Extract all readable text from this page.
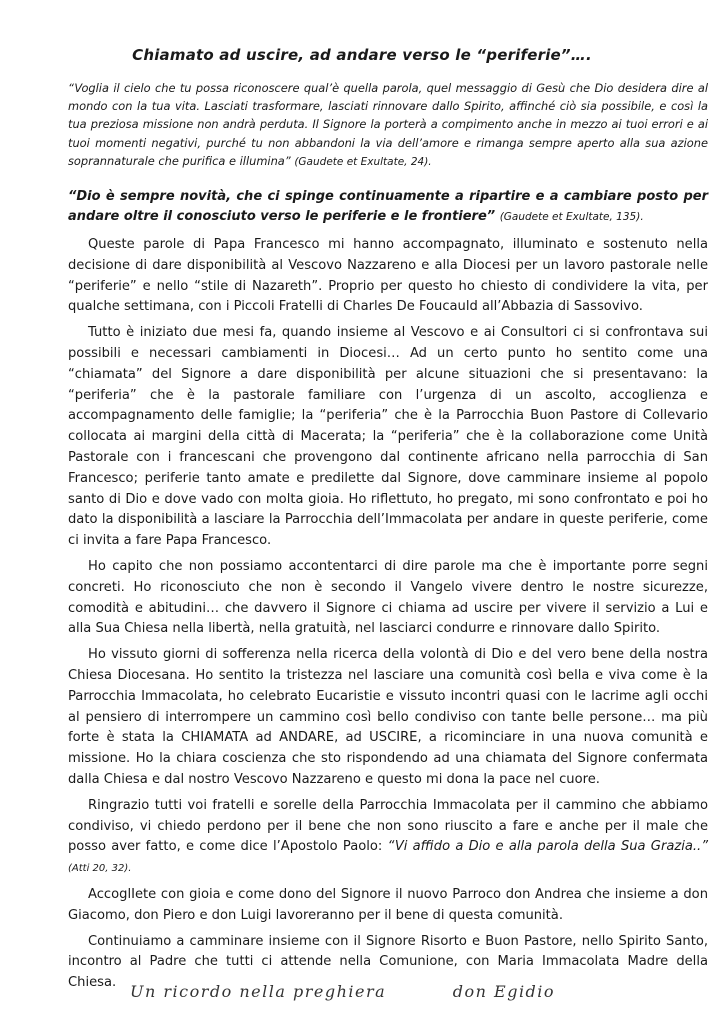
Chiamato ad uscire, ad andare verso le “periferie”….
“Voglia il cielo che tu possa riconoscere qual’è quella parola, quel messaggio di Gesù che Dio desidera dire al mondo con la tua vita. Lasciati trasformare, lasciati rinnovare dallo Spirito, affinché ciò sia possibile, e così la tua preziosa missione non andrà perduta. Il Signore la porterà a compimento anche in mezzo ai tuoi errori e ai tuoi momenti negativi, purché tu non abbandoni la via dell’amore e rimanga sempre aperto alla sua azione soprannaturale che purifica e illumina” (Gaudete et Exultate, 24).
“Dio è sempre novità, che ci spinge continuamente a ripartire e a cambiare posto per andare oltre il conosciuto verso le periferie e le frontiere” (Gaudete et Exultate, 135).

Queste parole di Papa Francesco mi hanno accompagnato, illuminato e sostenuto nella decisione di dare disponibilità al Vescovo Nazzareno e alla Diocesi per un lavoro pastorale nelle “periferie” e nello “stile di Nazareth”. Proprio per questo ho chiesto di condividere la vita, per qualche settimana, con i Piccoli Fratelli di Charles De Foucauld all’Abbazia di Sassovivo.

Tutto è iniziato due mesi fa, quando insieme al Vescovo e ai Consultori ci si confrontava sui possibili e necessari cambiamenti in Diocesi… Ad un certo punto ho sentito come una “chiamata” del Signore a dare disponibilità per alcune situazioni che si presentavano: la “periferia” che è la pastorale familiare con l’urgenza di un ascolto, accoglienza e accompagnamento delle famiglie; la “periferia” che è la Parrocchia Buon Pastore di Collevario collocata ai margini della città di Macerata; la “periferia” che è la collaborazione come Unità Pastorale con i francescani che provengono dal continente africano nella parrocchia di San Francesco; periferie tanto amate e predilette dal Signore, dove camminare insieme al popolo santo di Dio e dove vado con molta gioia. Ho riflettuto, ho pregato, mi sono confrontato e poi ho dato la disponibilità a lasciare la Parrocchia dell’Immacolata per andare in queste periferie, come ci invita a fare Papa Francesco.

Ho capito che non possiamo accontentarci di dire parole ma che è importante porre segni concreti. Ho riconosciuto che non è secondo il Vangelo vivere dentro le nostre sicurezze, comodità e abitudini… che davvero il Signore ci chiama ad uscire per vivere il servizio a Lui e alla Sua Chiesa nella libertà, nella gratuità, nel lasciarci condurre e rinnovare dallo Spirito.

Ho vissuto giorni di sofferenza nella ricerca della volontà di Dio e del vero bene della nostra Chiesa Diocesana. Ho sentito la tristezza nel lasciare una comunità così bella e viva come è la Parrocchia Immacolata, ho celebrato Eucaristie e vissuto incontri quasi con le lacrime agli occhi al pensiero di interrompere un cammino così bello condiviso con tante belle persone… ma più forte è stata la CHIAMATA ad ANDARE, ad USCIRE, a ricominciare in una nuova comunità e missione. Ho la chiara coscienza che sto rispondendo ad una chiamata del Signore confermata dalla Chiesa e dal nostro Vescovo Nazzareno e questo mi dona la pace nel cuore.

Ringrazio tutti voi fratelli e sorelle della Parrocchia Immacolata per il cammino che abbiamo condiviso, vi chiedo perdono per il bene che non sono riuscito a fare e anche per il male che posso aver fatto, e come dice l’Apostolo Paolo: “Vi affido a Dio e alla parola della Sua Grazia..” (Atti 20, 32).

AccoglIete con gioia e come dono del Signore il nuovo Parroco don Andrea che insieme a don Giacomo, don Piero e don Luigi lavoreranno per il bene di questa comunità.

Continuiamo a camminare insieme con il Signore Risorto e Buon Pastore, nello Spirito Santo, incontro al Padre che tutti ci attende nella Comunione, con Maria Immacolata Madre della Chiesa. Un ricordo nella preghiera	don Egidio
